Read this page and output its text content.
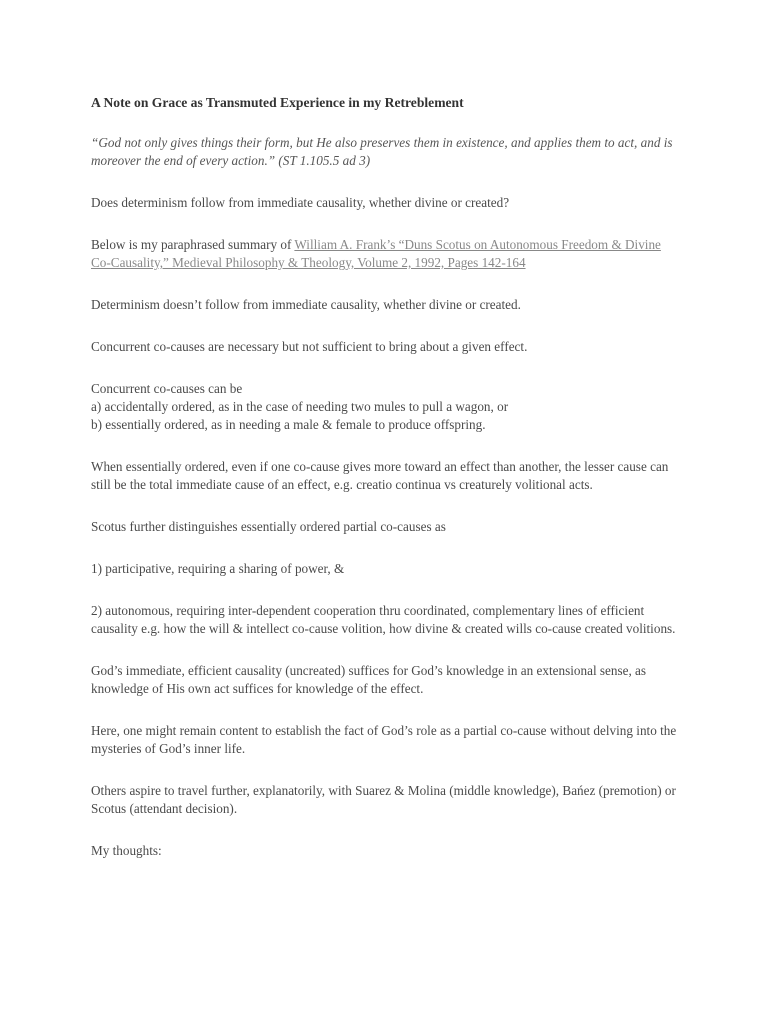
A Note on Grace as Transmuted Experience in my Retreblement

“God not only gives things their form, but He also preserves them in existence, and applies them to act, and is moreover the end of every action.” (ST 1.105.5 ad 3)

Does determinism follow from immediate causality, whether divine or created?

Below is my paraphrased summary of William A. Frank’s “Duns Scotus on Autonomous Freedom & Divine Co-Causality,” Medieval Philosophy & Theology, Volume 2, 1992, Pages 142-164

Determinism doesn’t follow from immediate causality, whether divine or created.

Concurrent co-causes are necessary but not sufficient to bring about a given effect.

Concurrent co-causes can be
a) accidentally ordered, as in the case of needing two mules to pull a wagon, or
b) essentially ordered, as in needing a male & female to produce offspring.

When essentially ordered, even if one co-cause gives more toward an effect than another, the lesser cause can still be the total immediate cause of an effect, e.g. creatio continua vs creaturely volitional acts.

Scotus further distinguishes essentially ordered partial co-causes as

1) participative, requiring a sharing of power, &

2) autonomous, requiring inter-dependent cooperation thru coordinated, complementary lines of efficient causality e.g. how the will & intellect co-cause volition, how divine & created wills co-cause created volitions.

God’s immediate, efficient causality (uncreated) suffices for God’s knowledge in an extensional sense, as knowledge of His own act suffices for knowledge of the effect.

Here, one might remain content to establish the fact of God’s role as a partial co-cause without delving into the mysteries of God’s inner life.

Others aspire to travel further, explanatorily, with Suarez & Molina (middle knowledge), Bańez (premotion) or Scotus (attendant decision).

My thoughts:
